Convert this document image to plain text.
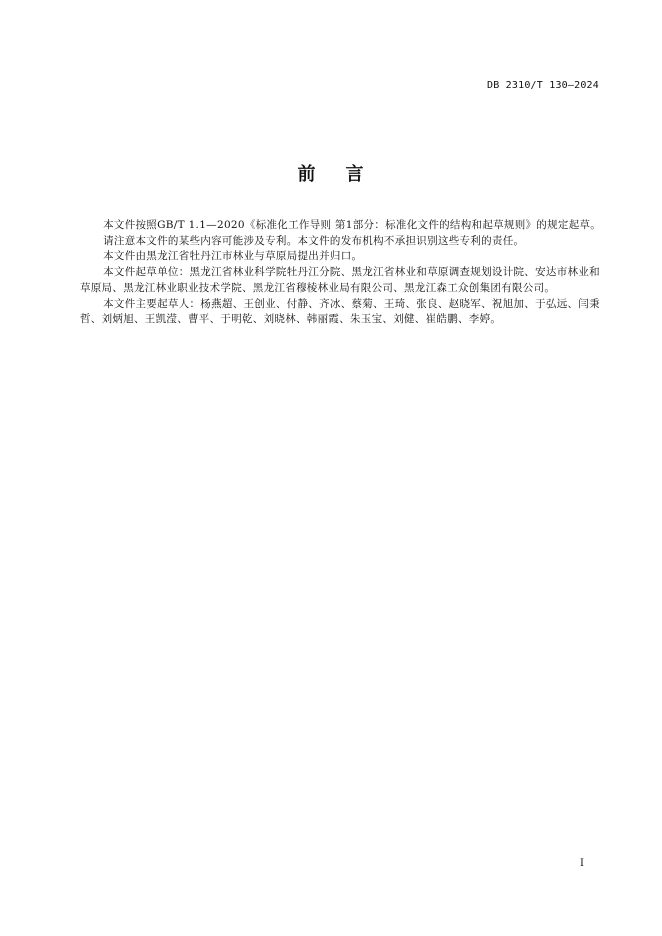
DB 2310/T 130—2024
前    言

本文件按照GB/T 1.1—2020《标准化工作导则 第1部分：标准化文件的结构和起草规则》的规定起草。

请注意本文件的某些内容可能涉及专利。本文件的发布机构不承担识别这些专利的责任。

本文件由黑龙江省牡丹江市林业与草原局提出并归口。

本文件起草单位：黑龙江省林业科学院牡丹江分院、黑龙江省林业和草原调查规划设计院、安达市林业和草原局、黑龙江林业职业技术学院、黑龙江省穆棱林业局有限公司、黑龙江森工众创集团有限公司。

本文件主要起草人：杨燕超、王创业、付静、齐冰、蔡菊、王琦、张良、赵晓军、祝旭加、于弘远、闫秉哲、刘炳旭、王凯滢、曹平、于明乾、刘晓林、韩丽霞、朱玉宝、刘健、崔皓鹏、李婷。

I
